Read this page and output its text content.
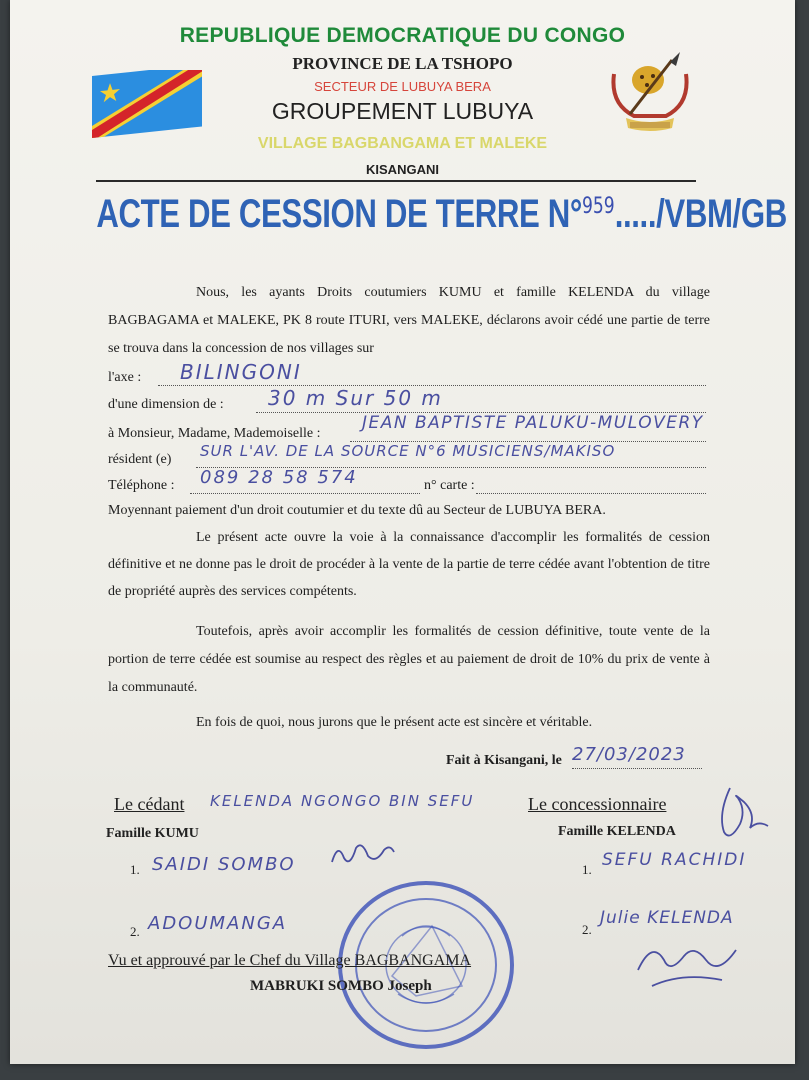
REPUBLIQUE DEMOCRATIQUE DU CONGO
PROVINCE DE LA TSHOPO
SECTEUR DE LUBUYA BERA
GROUPEMENT LUBUYA
VILLAGE BAGBANGAMA ET MALEKE
KISANGANI
ACTE DE CESSION DE TERRE N°$^{959}$...../VBM/GB
Nous, les ayants Droits coutumiers KUMU et famille KELENDA du village BAGBAGAMA et MALEKE, PK 8 route ITURI, vers MALEKE, déclarons avoir cédé une partie de terre se trouva dans la concession de nos villages sur
l'axe : BILINGONI
d'une dimension de : 30 m Sur 50 m
à Monsieur, Madame, Mademoiselle :
JEAN BAPTISTE PALUKU-MULOVERY
résident (e) SUR L'AV. DE LA SOURCE N°6 MUSICIENS/MAKISO
Téléphone : 089 28 58 574	n° carte :
Moyennant paiement d'un droit coutumier et du texte dû au Secteur de LUBUYA BERA.
Le présent acte ouvre la voie à la connaissance d'accomplir les formalités de cession définitive et ne donne pas le droit de procéder à la vente de la partie de terre cédée avant l'obtention de titre de propriété auprès des services compétents.
Toutefois, après avoir accomplir les formalités de cession définitive, toute vente de la portion de terre cédée est soumise au respect des règles et au paiement de droit de 10% du prix de vente à la communauté.
En fois de quoi, nous jurons que le présent acte est sincère et véritable.
Fait à Kisangani, le 27/03/2023
Le cédant KELENDA NGONGO BIN SEFU
Famille KUMU
1. SAIDI SOMBO
2. ADOUMANGA
Le concessionnaire
Famille KELENDA
1. SEFU RACHIDI
2.
Julie KELENDA
Vu et approuvé par le Chef du Village BAGBANGAMA
MABRUKI SOMBO Joseph
